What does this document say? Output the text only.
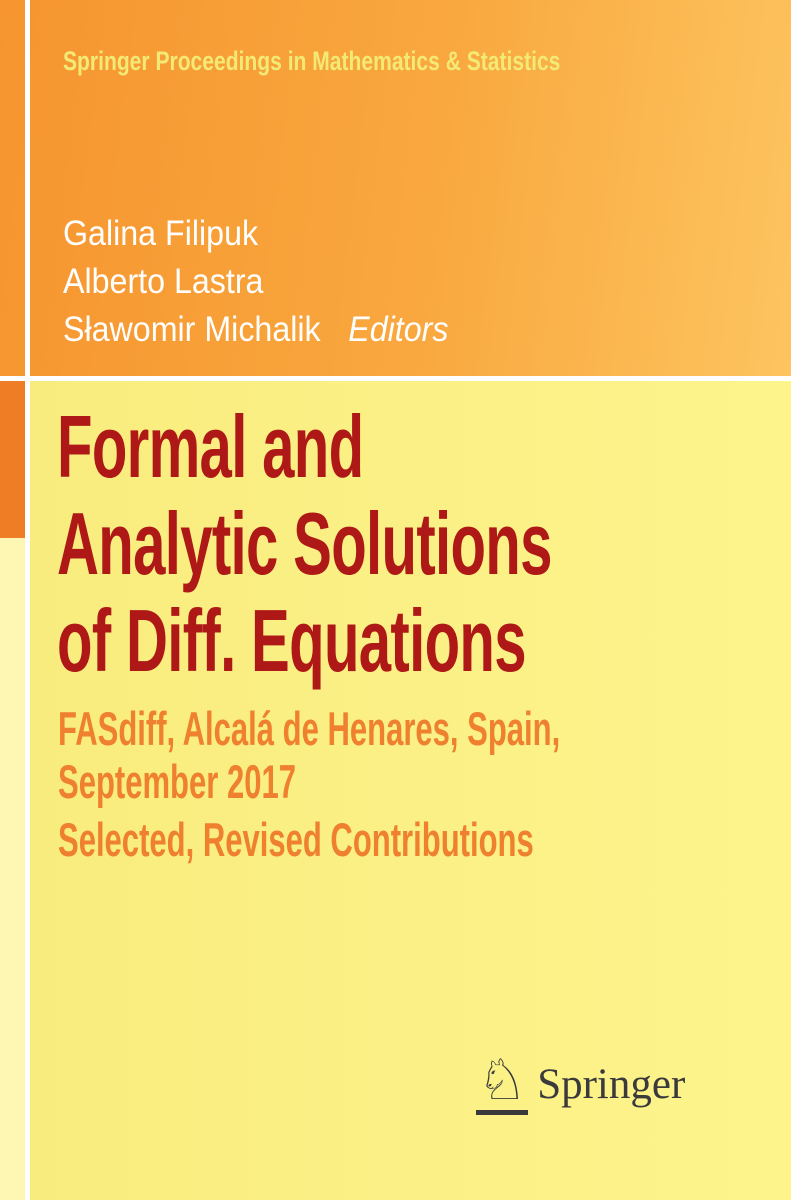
Springer Proceedings in Mathematics & Statistics
Galina Filipuk
Alberto Lastra
Sławomir Michalik Editors
Formal and
Analytic Solutions
of Diff. Equations
FASdiff, Alcalá de Henares, Spain,
September 2017
Selected, Revised Contributions
♘ Springer
